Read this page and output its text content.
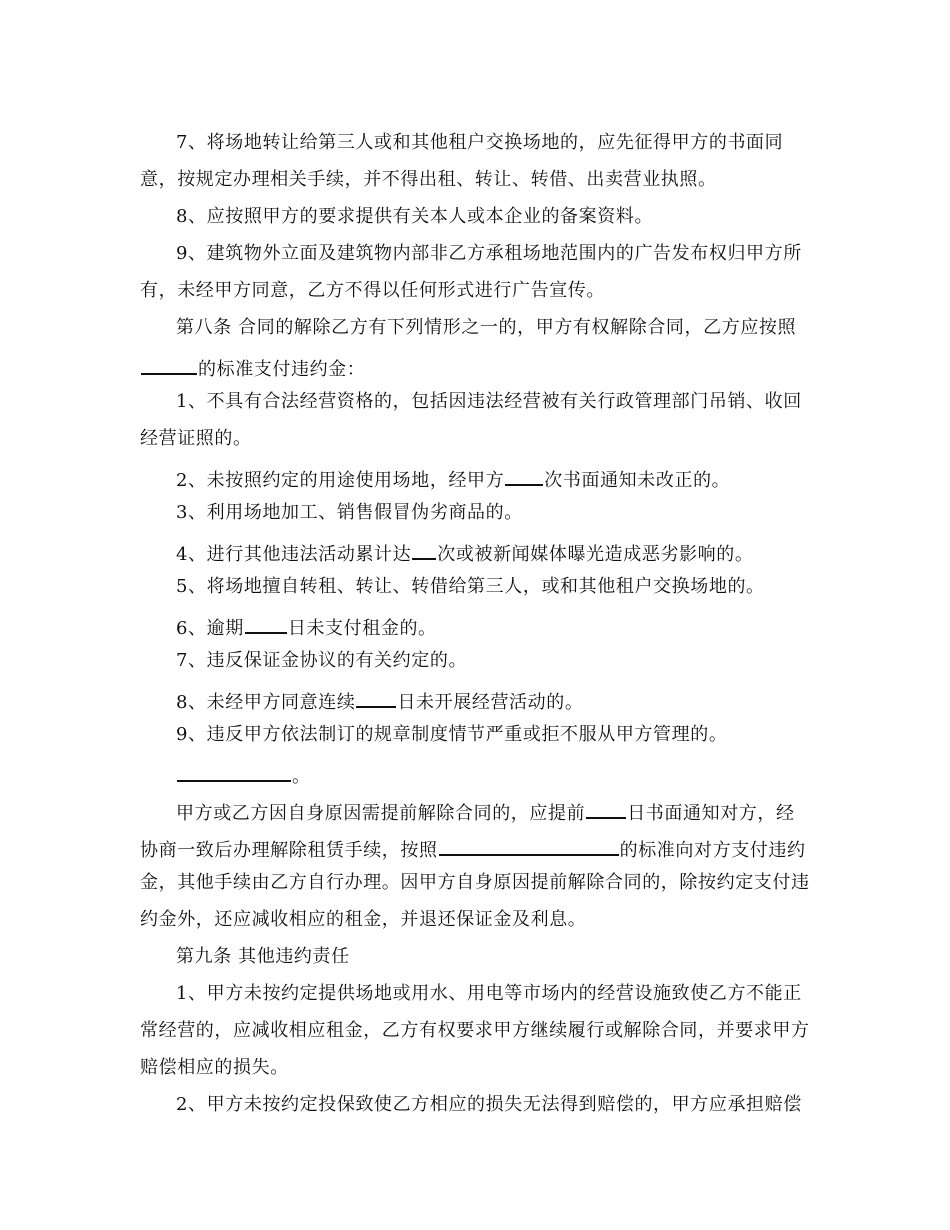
7、将场地转让给第三人或和其他租户交换场地的，应先征得甲方的书面同
意，按规定办理相关手续，并不得出租、转让、转借、出卖营业执照。
8、应按照甲方的要求提供有关本人或本企业的备案资料。
9、建筑物外立面及建筑物内部非乙方承租场地范围内的广告发布权归甲方所
有，未经甲方同意，乙方不得以任何形式进行广告宣传。
第八条 合同的解除乙方有下列情形之一的，甲方有权解除合同，乙方应按照
的标准支付违约金：
1、不具有合法经营资格的，包括因违法经营被有关行政管理部门吊销、收回
经营证照的。
2、未按照约定的用途使用场地，经甲方 次书面通知未改正的。
3、利用场地加工、销售假冒伪劣商品的。
4、进行其他违法活动累计达 次或被新闻媒体曝光造成恶劣影响的。
5、将场地擅自转租、转让、转借给第三人，或和其他租户交换场地的。
6、逾期 日未支付租金的。
7、违反保证金协议的有关约定的。
8、未经甲方同意连续 日未开展经营活动的。
9、违反甲方依法制订的规章制度情节严重或拒不服从甲方管理的。
。
甲方或乙方因自身原因需提前解除合同的，应提前 日书面通知对方，经
协商一致后办理解除租赁手续，按照	的标准向对方支付违约
金，其他手续由乙方自行办理。因甲方自身原因提前解除合同的，除按约定支付违
约金外，还应减收相应的租金，并退还保证金及利息。
第九条 其他违约责任
1、甲方未按约定提供场地或用水、用电等市场内的经营设施致使乙方不能正
常经营的，应减收相应租金，乙方有权要求甲方继续履行或解除合同，并要求甲方
赔偿相应的损失。
2、甲方未按约定投保致使乙方相应的损失无法得到赔偿的，甲方应承担赔偿
